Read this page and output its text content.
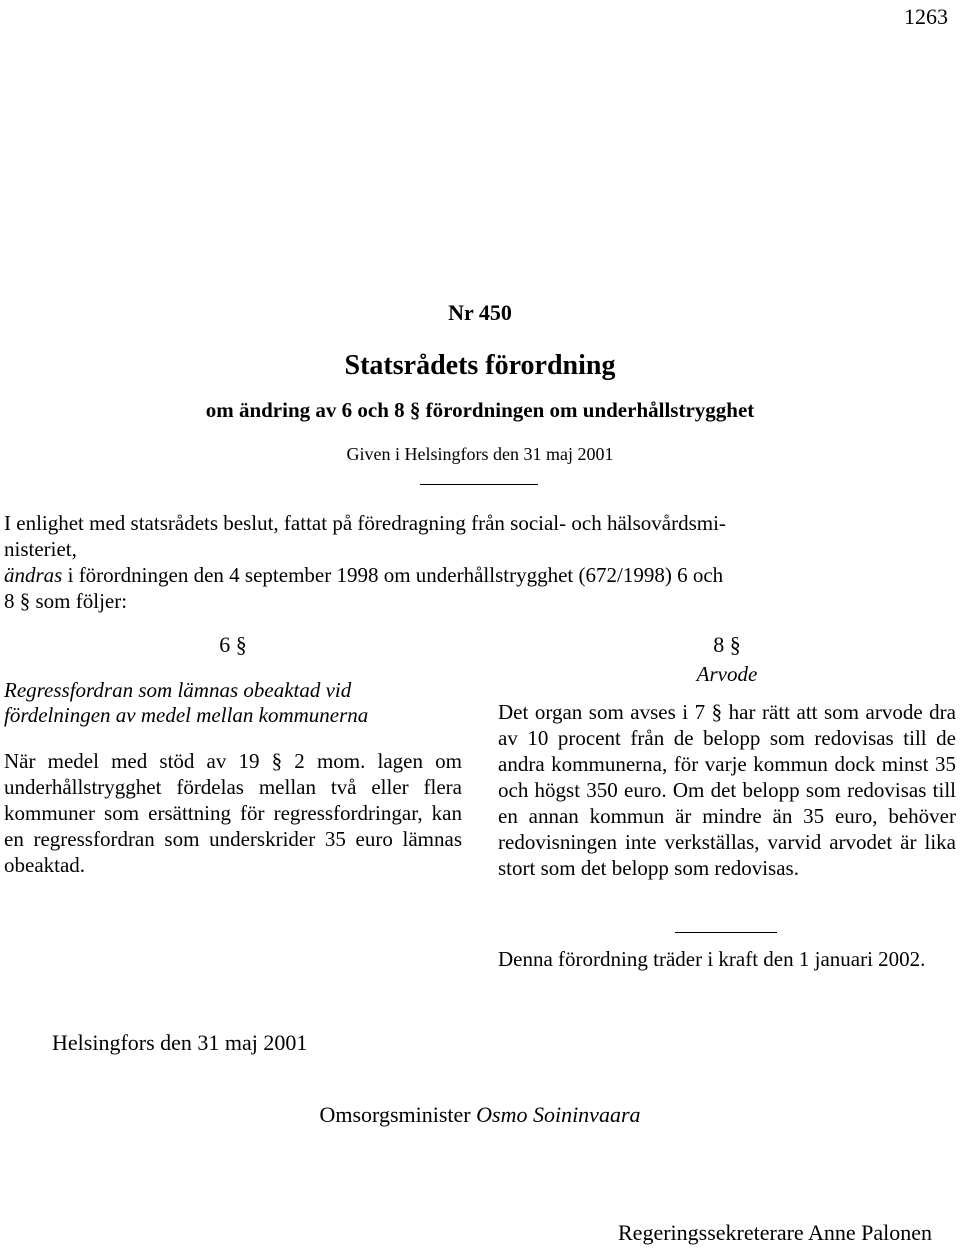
1263
Nr 450
Statsrådets förordning
om ändring av 6 och 8 § förordningen om underhållstrygghet
Given i Helsingfors den 31 maj 2001
I enlighet med statsrådets beslut, fattat på föredragning från social- och hälsovårdsmi-
nisteriet,
ändras i förordningen den 4 september 1998 om underhållstrygghet (672/1998) 6 och
8 § som följer:
6 §
Regressfordran som lämnas obeaktad vid
fördelningen av medel mellan kommunerna
När medel med stöd av 19 § 2 mom. lagen om underhållstrygghet fördelas mellan två eller flera kommuner som ersättning för regressfordringar, kan en regressfordran som underskrider 35 euro lämnas obeaktad.
8 §
Arvode
Det organ som avses i 7 § har rätt att som arvode dra av 10 procent från de belopp som redovisas till de andra kommunerna, för varje kommun dock minst 35 och högst 350 euro. Om det belopp som redovisas till en annan kommun är mindre än 35 euro, behöver redovisningen inte verkställas, varvid arvodet är lika stort som det belopp som redovisas.
Denna förordning träder i kraft den 1 januari 2002.
Helsingfors den 31 maj 2001
Omsorgsminister Osmo Soininvaara
Regeringssekreterare Anne Palonen
